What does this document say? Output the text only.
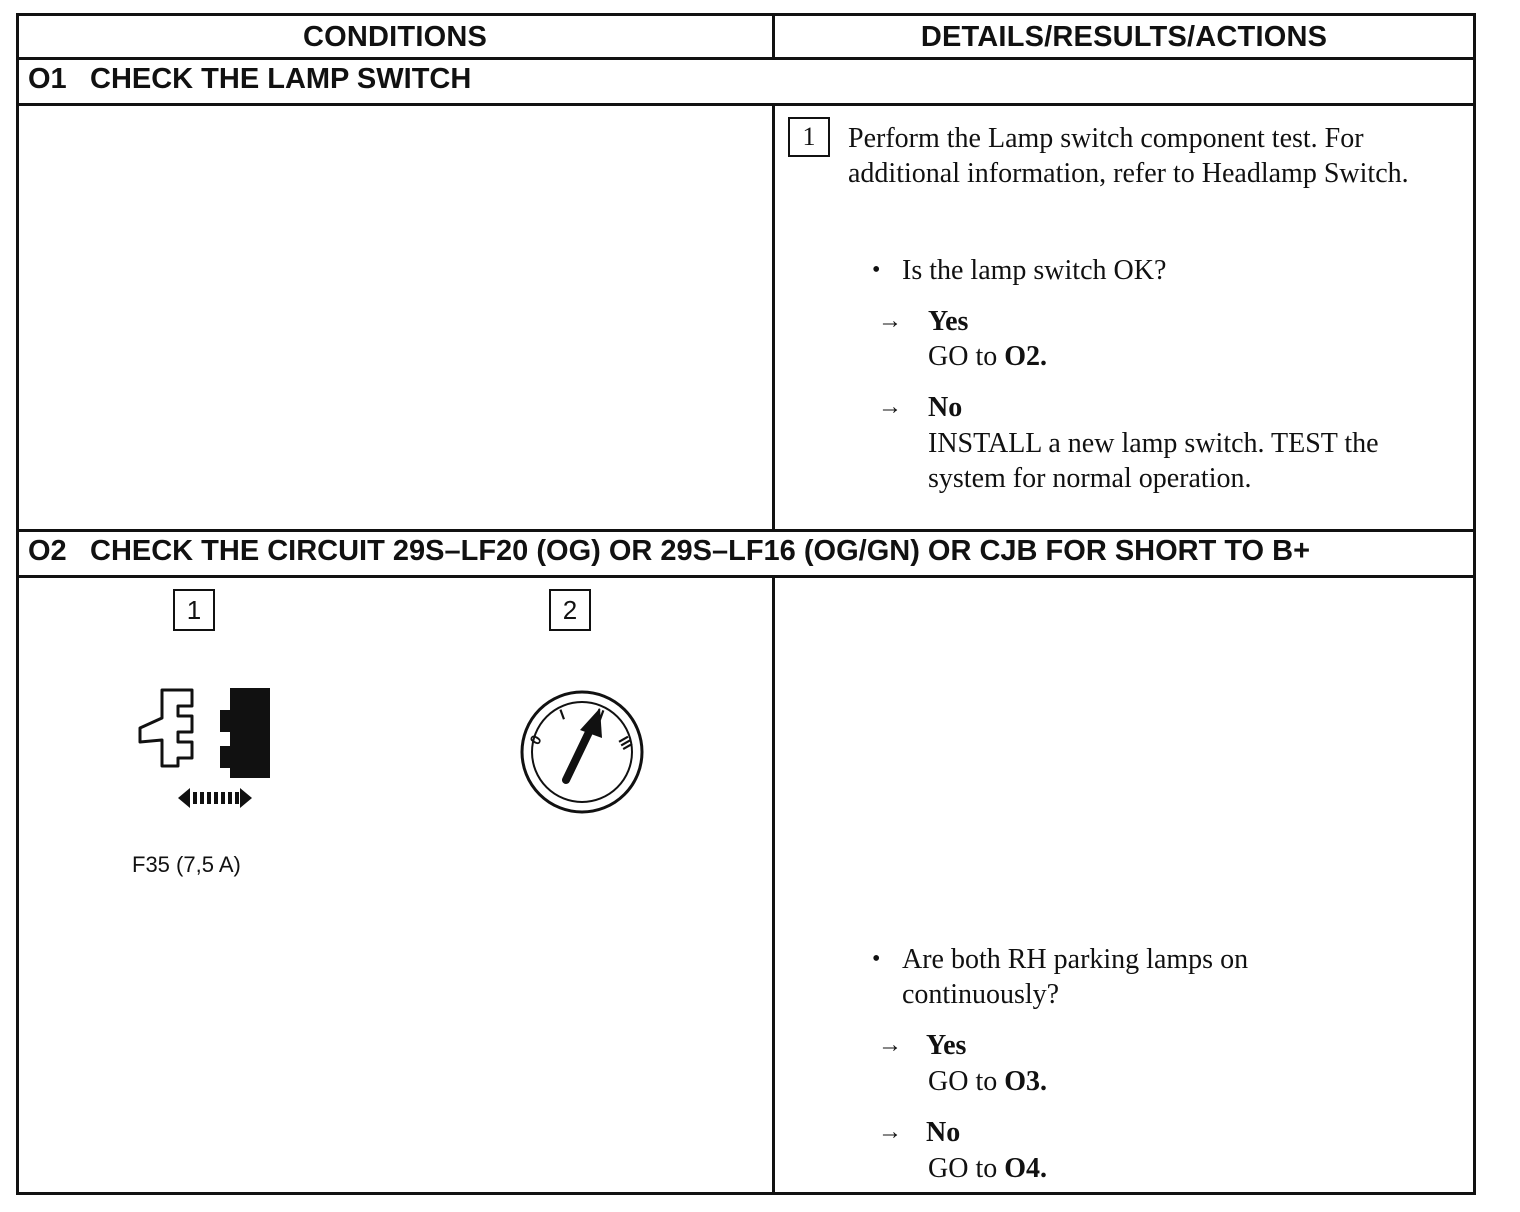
CONDITIONS	DETAILS/RESULTS/ACTIONS
O1 CHECK THE LAMP SWITCH
1	Perform the Lamp switch component test. For
additional information, refer to Headlamp Switch.
• Is the lamp switch OK?
→ Yes
GO to O2.
→ No
INSTALL a new lamp switch. TEST the
system for normal operation.
O2 CHECK THE CIRCUIT 29S–LF20 (OG) OR 29S–LF16 (OG/GN) OR CJB FOR SHORT TO B+
1
F35 (7,5 A)
2
0
I
III
• Are both RH parking lamps on
continuously?
→ Yes
GO to O3.
→ No
GO to O4.
